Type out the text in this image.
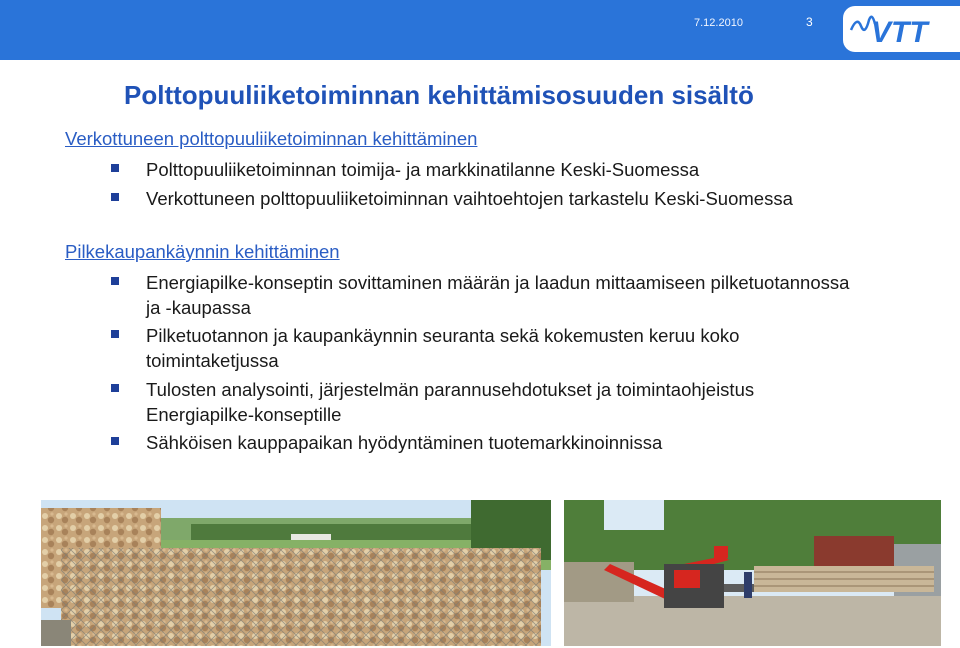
7.12.2010	3 VTT
Polttopuuliiketoiminnan kehittämisosuuden sisältö
Verkottuneen polttopuuliiketoiminnan kehittäminen
Polttopuuliiketoiminnan toimija- ja markkinatilanne Keski-Suomessa
Verkottuneen polttopuuliiketoiminnan vaihtoehtojen tarkastelu Keski-Suomessa
Pilkekaupankäynnin kehittäminen
Energiapilke-konseptin sovittaminen määrän ja laadun mittaamiseen pilketuotannossa ja -kaupassa
Pilketuotannon ja kaupankäynnin seuranta sekä kokemusten keruu koko toimintaketjussa
Tulosten analysointi, järjestelmän parannusehdotukset ja toimintaohjeistus Energiapilke-konseptille
Sähköisen kauppapaikan hyödyntäminen tuotemarkkinoinnissa
